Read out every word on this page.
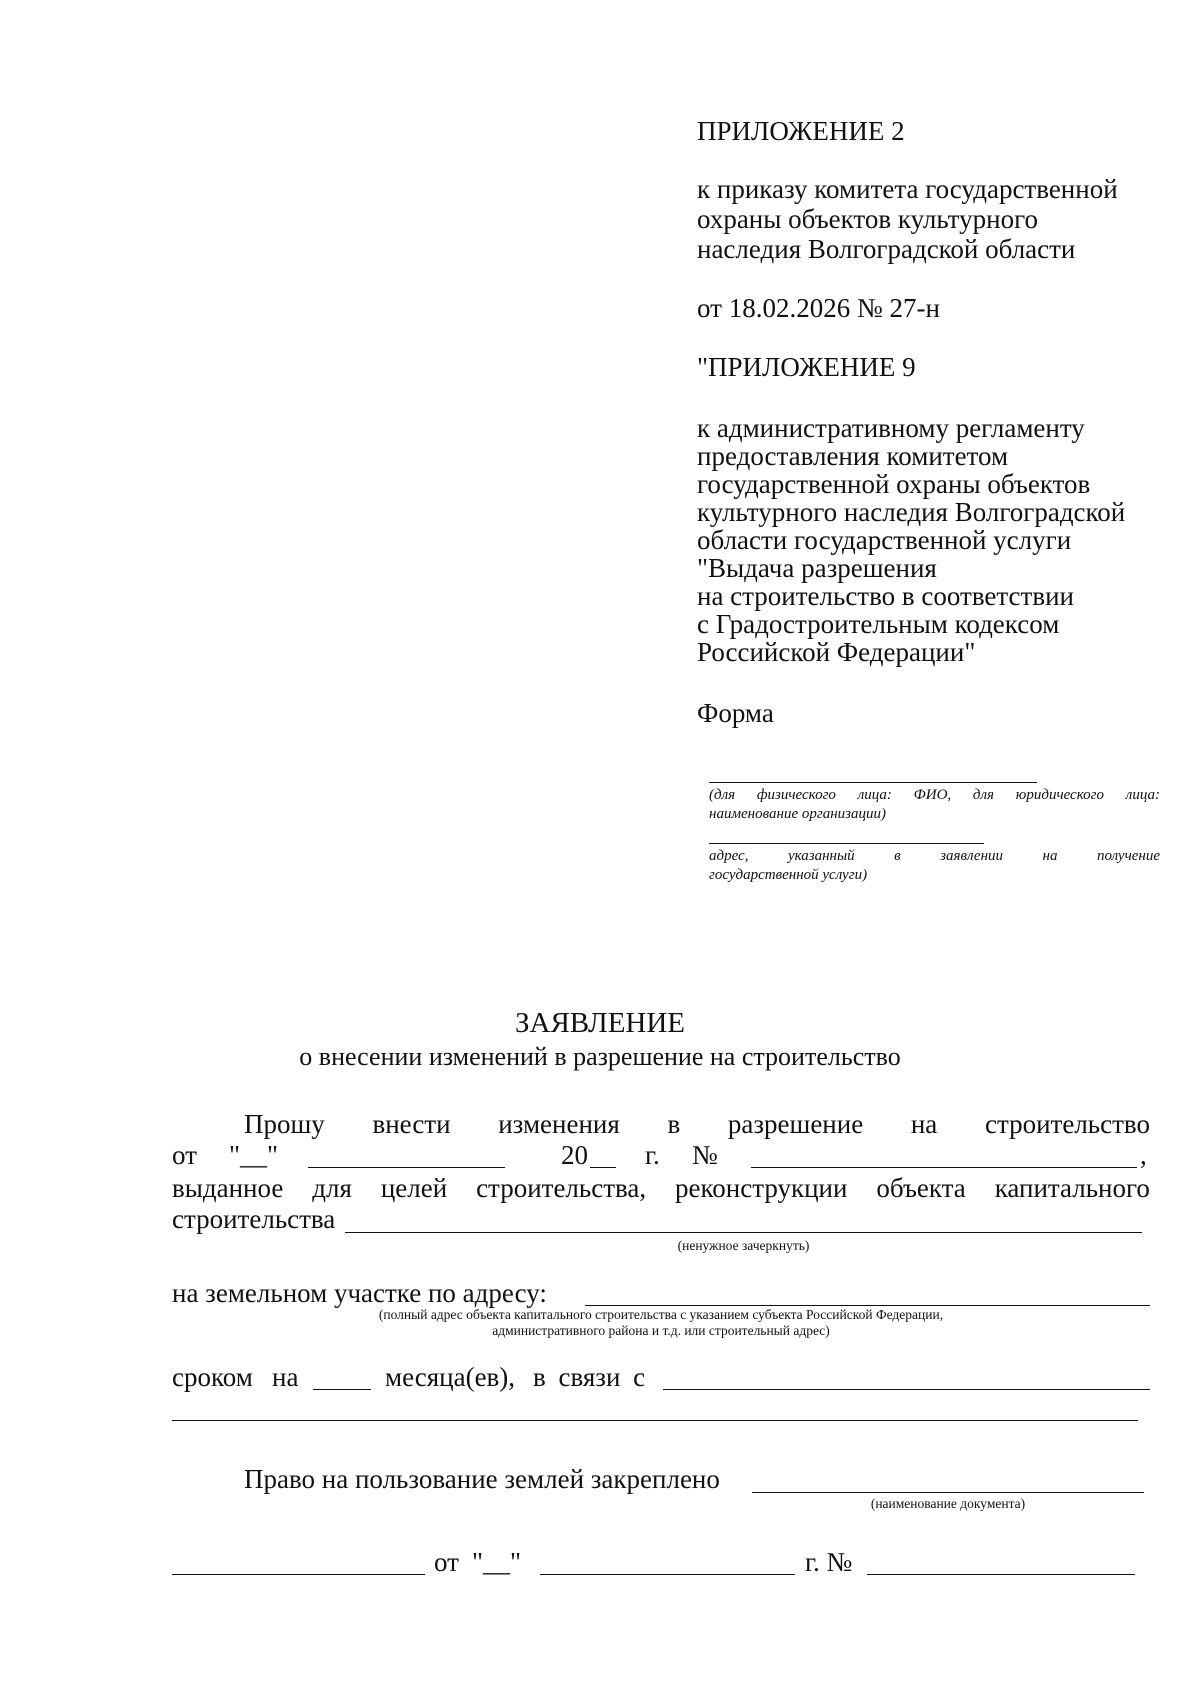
ПРИЛОЖЕНИЕ 2
к приказу комитета государственной
охраны объектов культурного
наследия Волгоградской области
от 18.02.2026 № 27-н
"ПРИЛОЖЕНИЕ 9
к административному регламенту
предоставления комитетом
государственной охраны объектов
культурного наследия Волгоградской
области государственной услуги
"Выдача разрешения
на строительство в соответствии
с Градостроительным кодексом
Российской Федерации"
Форма
(для физического лица: ФИО, для юридического лица:
наименование организации)
адрес, указанный в заявлении на получение
государственной услуги)
ЗАЯВЛЕНИЕ
о внесении изменений в разрешение на строительство
Прошу внести изменения в разрешение на строительство
от "__"	20 г. №	,
выданное для целей строительства, реконструкции объекта капитального
строительства
(ненужное зачеркнуть)
на земельном участке по адресу:
(полный адрес объекта капитального строительства с указанием субъекта Российской Федерации,
административного района и т.д. или строительный адрес)
сроком на	месяца(ев), в связи с
Право на пользование землей закреплено
(наименование документа)
от "__"	г. №
